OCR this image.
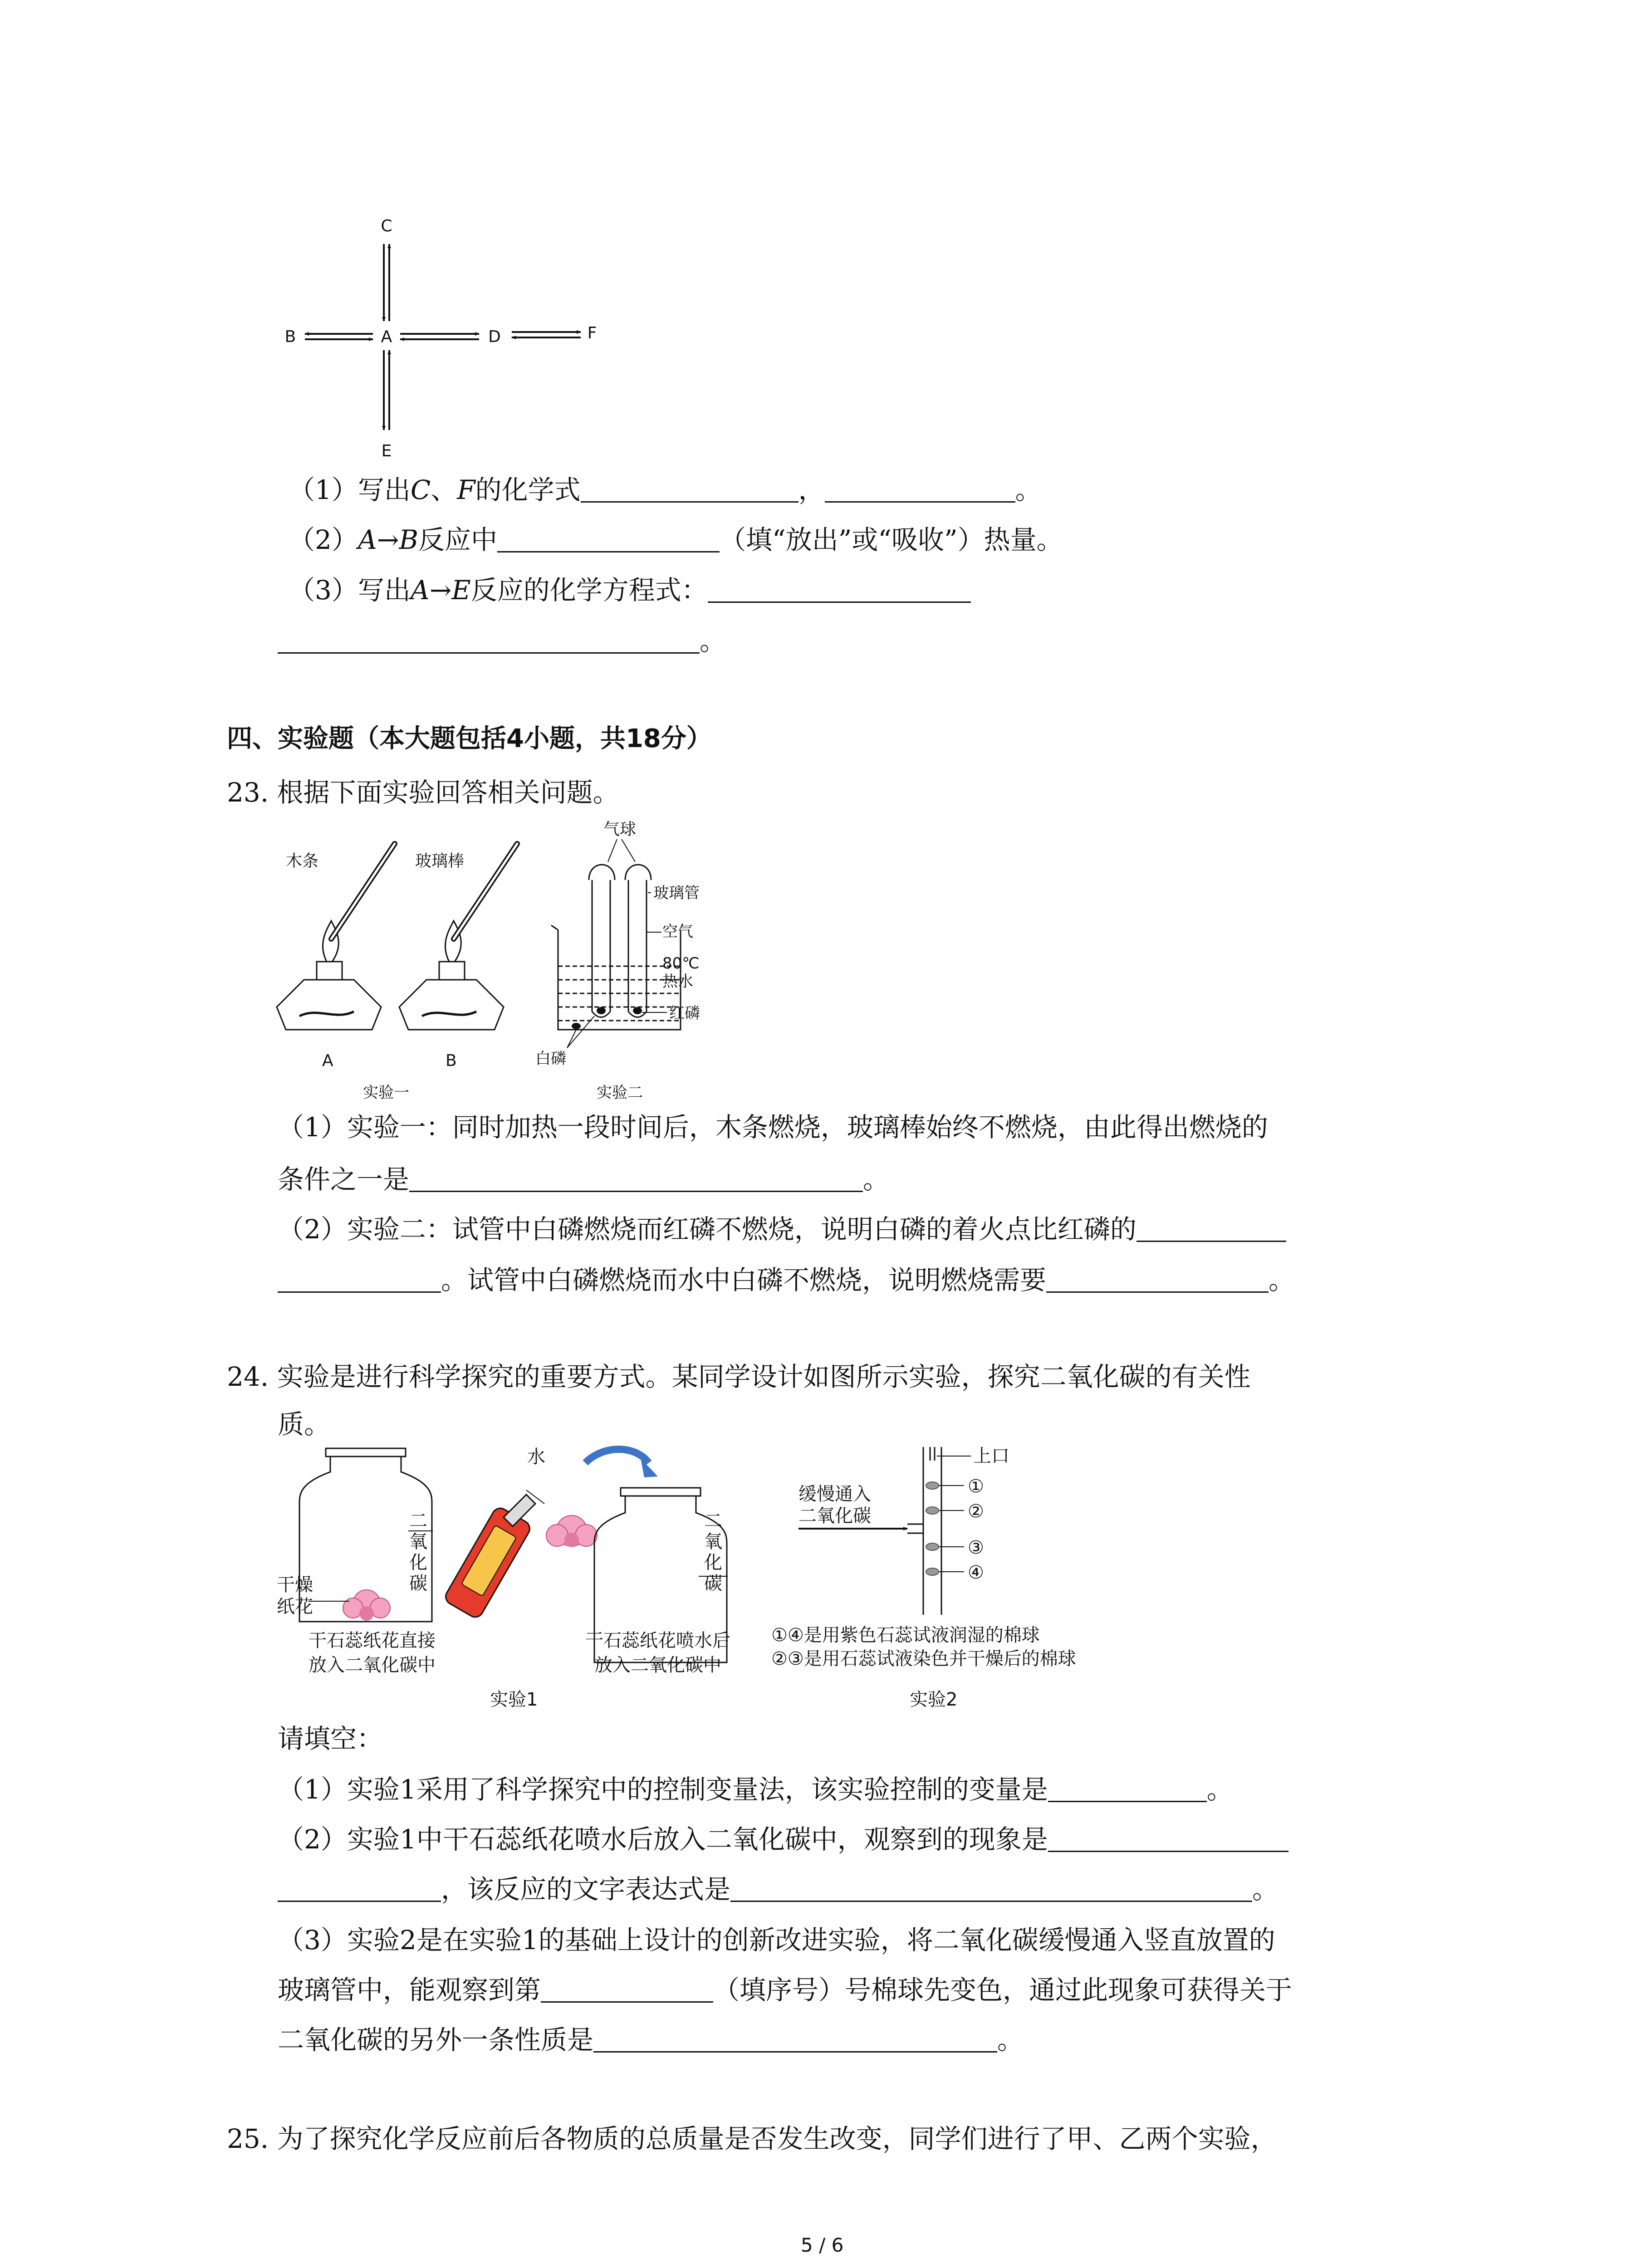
C
B	A	D	F
E
（1）写出C、F的化学式	，	。
（2）A→B反应中	（填“放出”或“吸收”）热量。
（3）写出A→E反应的化学方程式：
。
四、实验题（本大题包括4小题，共18分）
23. 根据下面实验回答相关问题。
木条
A
玻璃棒
B
实验一
气球
玻璃管
空气
80℃
热水
红磷
白磷
实验二
（1）实验一：同时加热一段时间后，木条燃烧，玻璃棒始终不燃烧，由此得出燃烧的
条件之一是	。
（2）实验二：试管中白磷燃烧而红磷不燃烧，说明白磷的着火点比红磷的
。试管中白磷燃烧而水中白磷不燃烧，说明燃烧需要	。
24. 实验是进行科学探究的重要方式。某同学设计如图所示实验，探究二氧化碳的有关性
质。
水
二
氧
化
碳
二
氧
化
碳
干燥
纸花
干石蕊纸花直接
放入二氧化碳中
干石蕊纸花喷水后
放入二氧化碳中
实验1
上口
缓慢通入
二氧化碳
①
②
③
④
①④是用紫色石蕊试液润湿的棉球
②③是用石蕊试液染色并干燥后的棉球
实验2
请填空：
（1）实验1采用了科学探究中的控制变量法，该实验控制的变量是	。
（2）实验1中干石蕊纸花喷水后放入二氧化碳中，观察到的现象是
，该反应的文字表达式是	。
（3）实验2是在实验1的基础上设计的创新改进实验，将二氧化碳缓慢通入竖直放置的
玻璃管中，能观察到第	（填序号）号棉球先变色，通过此现象可获得关于
二氧化碳的另外一条性质是	。
25. 为了探究化学反应前后各物质的总质量是否发生改变，同学们进行了甲、乙两个实验，
5 / 6
